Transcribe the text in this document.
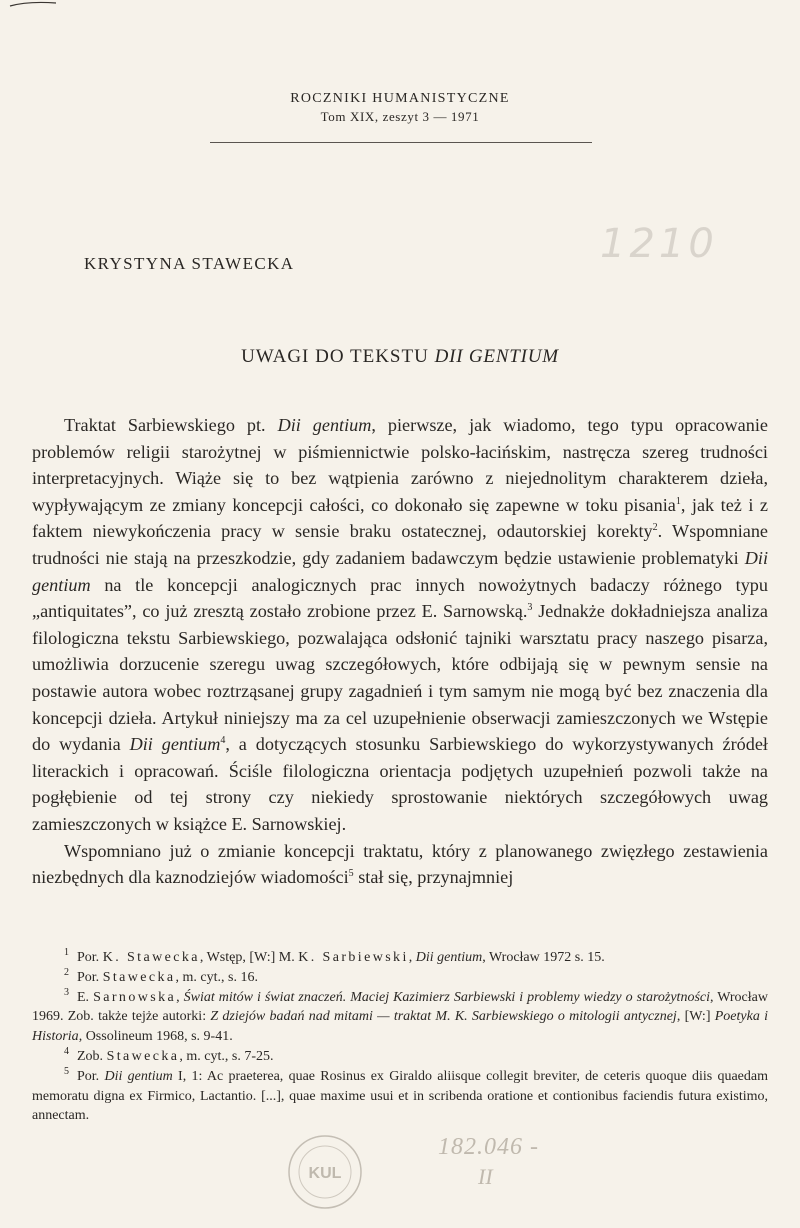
ROCZNIKI HUMANISTYCZNE
Tom XIX, zeszyt 3 — 1971
KRYSTYNA STAWECKA	1210
UWAGI DO TEKSTU DII GENTIUM

Traktat Sarbiewskiego pt. Dii gentium, pierwsze, jak wiadomo, tego typu opracowanie problemów religii starożytnej w piśmiennictwie polsko-łacińskim, nastręcza szereg trudności interpretacyjnych. Wiąże się to bez wątpienia zarówno z niejednolitym charakterem dzieła, wypływającym ze zmiany koncepcji całości, co dokonało się zapewne w toku pisania$^1$, jak też i z faktem niewykończenia pracy w sensie braku ostatecznej, odautorskiej korekty$^2$. Wspomniane trudności nie stają na przeszkodzie, gdy zadaniem badawczym będzie ustawienie problematyki Dii gentium na tle koncepcji analogicznych prac innych nowożytnych badaczy różnego typu „antiquitates”, co już zresztą zostało zrobione przez E. Sarnowską.$^3$ Jednakże dokładniejsza analiza filologiczna tekstu Sarbiewskiego, pozwalająca odsłonić tajniki warsztatu pracy naszego pisarza, umożliwia dorzucenie szeregu uwag szczegółowych, które odbijają się w pewnym sensie na postawie autora wobec roztrząsanej grupy zagadnień i tym samym nie mogą być bez znaczenia dla koncepcji dzieła. Artykuł niniejszy ma za cel uzupełnienie obserwacji zamieszczonych we Wstępie do wydania Dii gentium$^4$, a dotyczących stosunku Sarbiewskiego do wykorzystywanych źródeł literackich i opracowań. Ściśle filologiczna orientacja podjętych uzupełnień pozwoli także na pogłębienie od tej strony czy niekiedy sprostowanie niektórych szczegółowych uwag zamieszczonych w książce E. Sarnowskiej.

Wspomniano już o zmianie koncepcji traktatu, który z planowanego zwięzłego zestawienia niezbędnych dla kaznodziejów wiadomości$^5$ stał się, przynajmniej

$^1$ Por. K. Stawecka, Wstęp, [W:] M. K. Sarbiewski, Dii gentium, Wrocław 1972 s. 15.

$^2$ Por. Stawecka, m. cyt., s. 16.

$^3$ E. Sarnowska, Świat mitów i świat znaczeń. Maciej Kazimierz Sarbiewski i problemy wiedzy o starożytności, Wrocław 1969. Zob. także tejże autorki: Z dziejów badań nad mitami — traktat M. K. Sarbiewskiego o mitologii antycznej, [W:] Poetyka i Historia, Ossolineum 1968, s. 9-41.

$^4$ Zob. Stawecka, m. cyt., s. 7-25.

$^5$ Por. Dii gentium I, 1: Ac praeterea, quae Rosinus ex Giraldo aliisque collegit breviter, de ceteris quoque diis quaedam memoratu digna ex Firmico, Lactantio. [...], quae maxime usui et in scribenda oratione et contionibus faciendis futura existimo, annectam.

KUL
182.046 -
II
